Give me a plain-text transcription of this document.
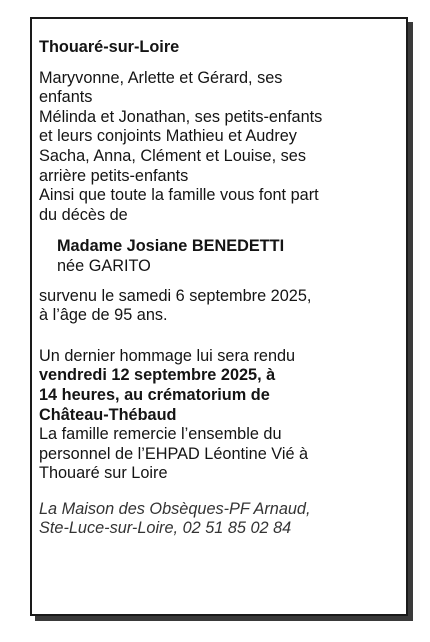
Thouaré-sur-Loire

Maryvonne, Arlette et Gérard, ses
enfants
Mélinda et Jonathan, ses petits-enfants
et leurs conjoints Mathieu et Audrey
Sacha, Anna, Clément et Louise, ses
arrière petits-enfants
Ainsi que toute la famille vous font part
du décès de

Madame Josiane BENEDETTI
née GARITO

survenu le samedi 6 septembre 2025,
à l’âge de 95 ans.

Un dernier hommage lui sera rendu
vendredi 12 septembre 2025, à
14 heures, au crématorium de
Château-Thébaud
La famille remercie l’ensemble du
personnel de l’EHPAD Léontine Vié à
Thouaré sur Loire

La Maison des Obsèques-PF Arnaud,
Ste-Luce-sur-Loire, 02 51 85 02 84
